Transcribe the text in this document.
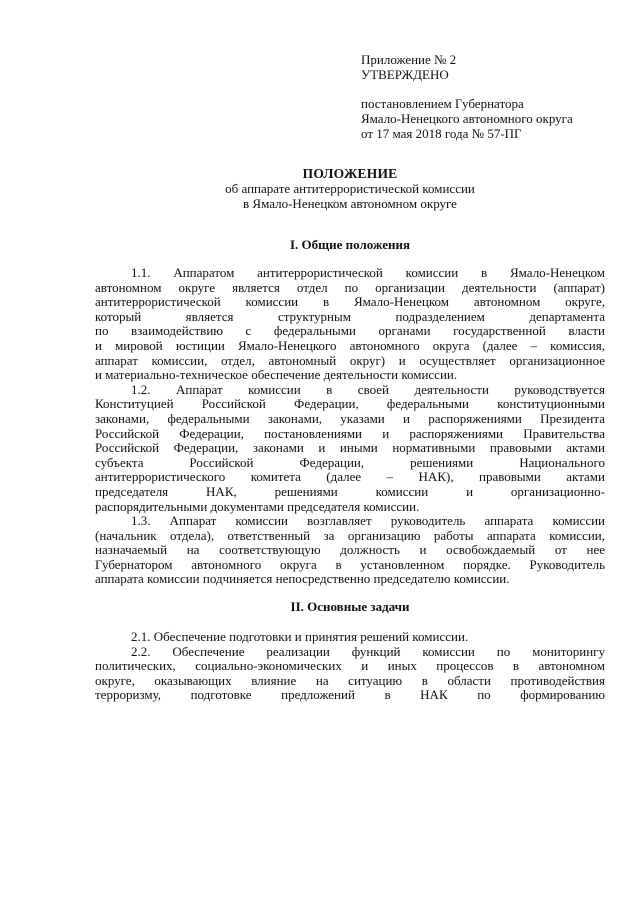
Приложение № 2
УТВЕРЖДЕНО
постановлением Губернатора
Ямало-Ненецкого автономного округа
от 17 мая 2018 года № 57-ПГ
ПОЛОЖЕНИЕ
об аппарате антитеррористической комиссии
в Ямало-Ненецком автономном округе
I. Общие положения
1.1. Аппаратом антитеррористической комиссии в Ямало-Ненецком
автономном округе является отдел по организации деятельности (аппарат)
антитеррористической комиссии в Ямало-Ненецком автономном округе,
который является структурным подразделением департамента
по взаимодействию с федеральными органами государственной власти
и мировой юстиции Ямало-Ненецкого автономного округа (далее – комиссия,
аппарат комиссии, отдел, автономный округ) и осуществляет организационное
и материально-техническое обеспечение деятельности комиссии.
1.2. Аппарат комиссии в своей деятельности руководствуется
Конституцией Российской Федерации, федеральными конституционными
законами, федеральными законами, указами и распоряжениями Президента
Российской Федерации, постановлениями и распоряжениями Правительства
Российской Федерации, законами и иными нормативными правовыми актами
субъекта Российской Федерации, решениями Национального
антитеррористического комитета (далее – НАК), правовыми актами
председателя НАК, решениями комиссии и организационно-
распорядительными документами председателя комиссии.
1.3. Аппарат комиссии возглавляет руководитель аппарата комиссии
(начальник отдела), ответственный за организацию работы аппарата комиссии,
назначаемый на соответствующую должность и освобождаемый от нее
Губернатором автономного округа в установленном порядке. Руководитель
аппарата комиссии подчиняется непосредственно председателю комиссии.
II. Основные задачи
2.1. Обеспечение подготовки и принятия решений комиссии.
2.2. Обеспечение реализации функций комиссии по мониторингу
политических, социально-экономических и иных процессов в автономном
округе, оказывающих влияние на ситуацию в области противодействия
терроризму, подготовке предложений в НАК по формированию
